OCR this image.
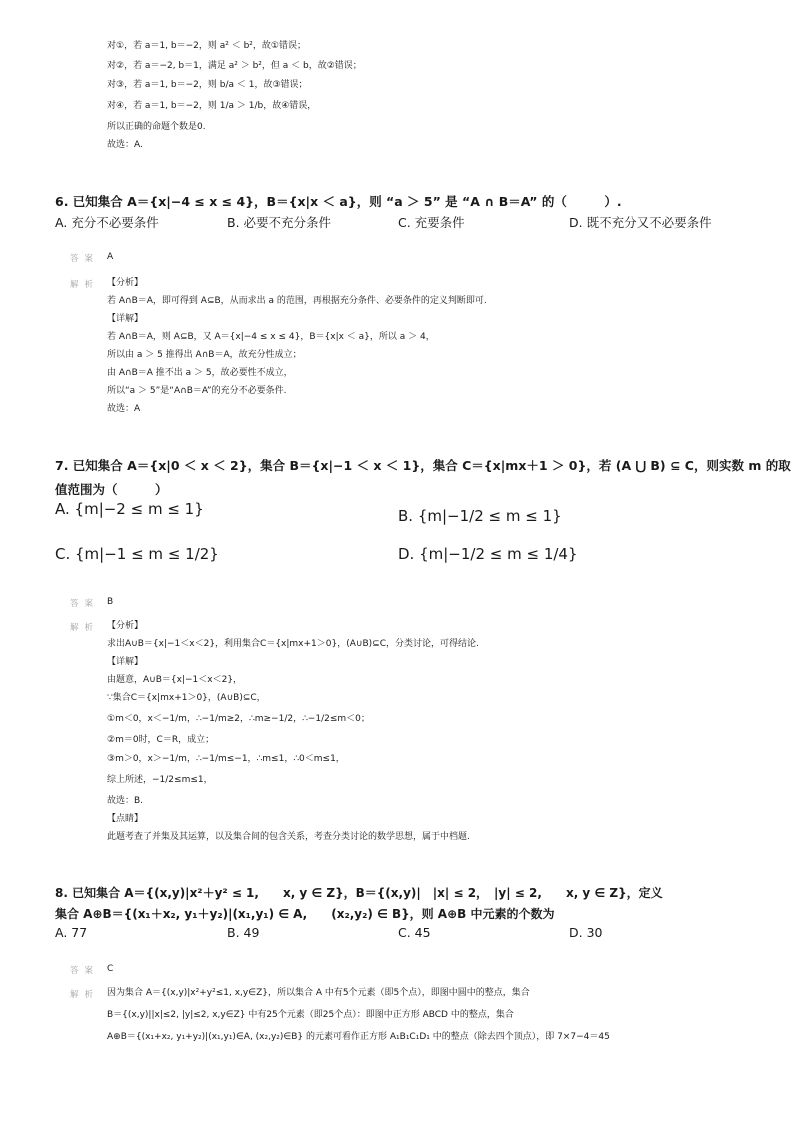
对①，若 a＝1, b＝−2，则 a² ＜ b²，故①错误；
对②，若 a＝−2, b＝1，满足 a² ＞ b²，但 a ＜ b，故②错误；
对③，若 a＝1, b＝−2，则 b/a ＜ 1，故③错误；
对④，若 a＝1, b＝−2，则 1/a ＞ 1/b，故④错误，
所以正确的命题个数是0.
故选：A.
6. 已知集合 A＝{x|−4 ≤ x ≤ 4}，B＝{x|x ＜ a}，则 “a ＞ 5” 是 “A ∩ B＝A” 的（　　　）.
A. 充分不必要条件	B. 必要不充分条件	C. 充要条件	D. 既不充分又不必要条件
答案 A
解析 【分析】
若 A∩B＝A，即可得到 A⊆B，从而求出 a 的范围，再根据充分条件、必要条件的定义判断即可.
【详解】
若 A∩B＝A，则 A⊆B，又 A＝{x|−4 ≤ x ≤ 4}，B＝{x|x ＜ a}，所以 a ＞ 4，
所以由 a ＞ 5 推得出 A∩B＝A，故充分性成立；
由 A∩B＝A 推不出 a ＞ 5，故必要性不成立，
所以“a ＞ 5”是“A∩B＝A”的充分不必要条件.
故选：A
7. 已知集合 A＝{x|0 ＜ x ＜ 2}，集合 B＝{x|−1 ＜ x ＜ 1}，集合 C＝{x|mx＋1 ＞ 0}，若 (A ⋃ B) ⊆ C，则实数 m 的取
值范围为（　　　）
A. {m|−2 ≤ m ≤ 1}	B. {m|−1/2 ≤ m ≤ 1}
C. {m|−1 ≤ m ≤ 1/2}	D. {m|−1/2 ≤ m ≤ 1/4}
答案 B
解析 【分析】
求出A∪B＝{x|−1＜x＜2}，利用集合C＝{x|mx+1＞0}，(A∪B)⊆C，分类讨论，可得结论.
【详解】
由题意，A∪B＝{x|−1＜x＜2}，
∵集合C＝{x|mx+1＞0}，(A∪B)⊆C，
①m＜0，x＜−1/m，∴−1/m≥2，∴m≥−1/2，∴−1/2≤m＜0；
②m＝0时，C＝R，成立；
③m＞0，x＞−1/m，∴−1/m≤−1，∴m≤1，∴0＜m≤1，
综上所述，−1/2≤m≤1，
故选：B.
【点睛】
此题考查了并集及其运算，以及集合间的包含关系，考查分类讨论的数学思想，属于中档题.
8. 已知集合 A＝{(x,y)|x²＋y² ≤ 1,　　x, y ∈ Z}，B＝{(x,y)|　|x| ≤ 2，　|y| ≤ 2,　　x, y ∈ Z}，定义
集合 A⊕B＝{(x₁＋x₂, y₁＋y₂)|(x₁,y₁) ∈ A,　　(x₂,y₂) ∈ B}，则 A⊕B 中元素的个数为
A. 77	B. 49	C. 45	D. 30
答案 C
解析 因为集合 A＝{(x,y)|x²+y²≤1, x,y∈Z}，所以集合 A 中有5个元素（即5个点），即图中圆中的整点，集合
B＝{(x,y)||x|≤2, |y|≤2, x,y∈Z} 中有25个元素（即25个点）：即图中正方形 ABCD 中的整点，集合
A⊕B＝{(x₁+x₂, y₁+y₂)|(x₁,y₁)∈A, (x₂,y₂)∈B} 的元素可看作正方形 A₁B₁C₁D₁ 中的整点（除去四个顶点），即 7×7−4＝45
